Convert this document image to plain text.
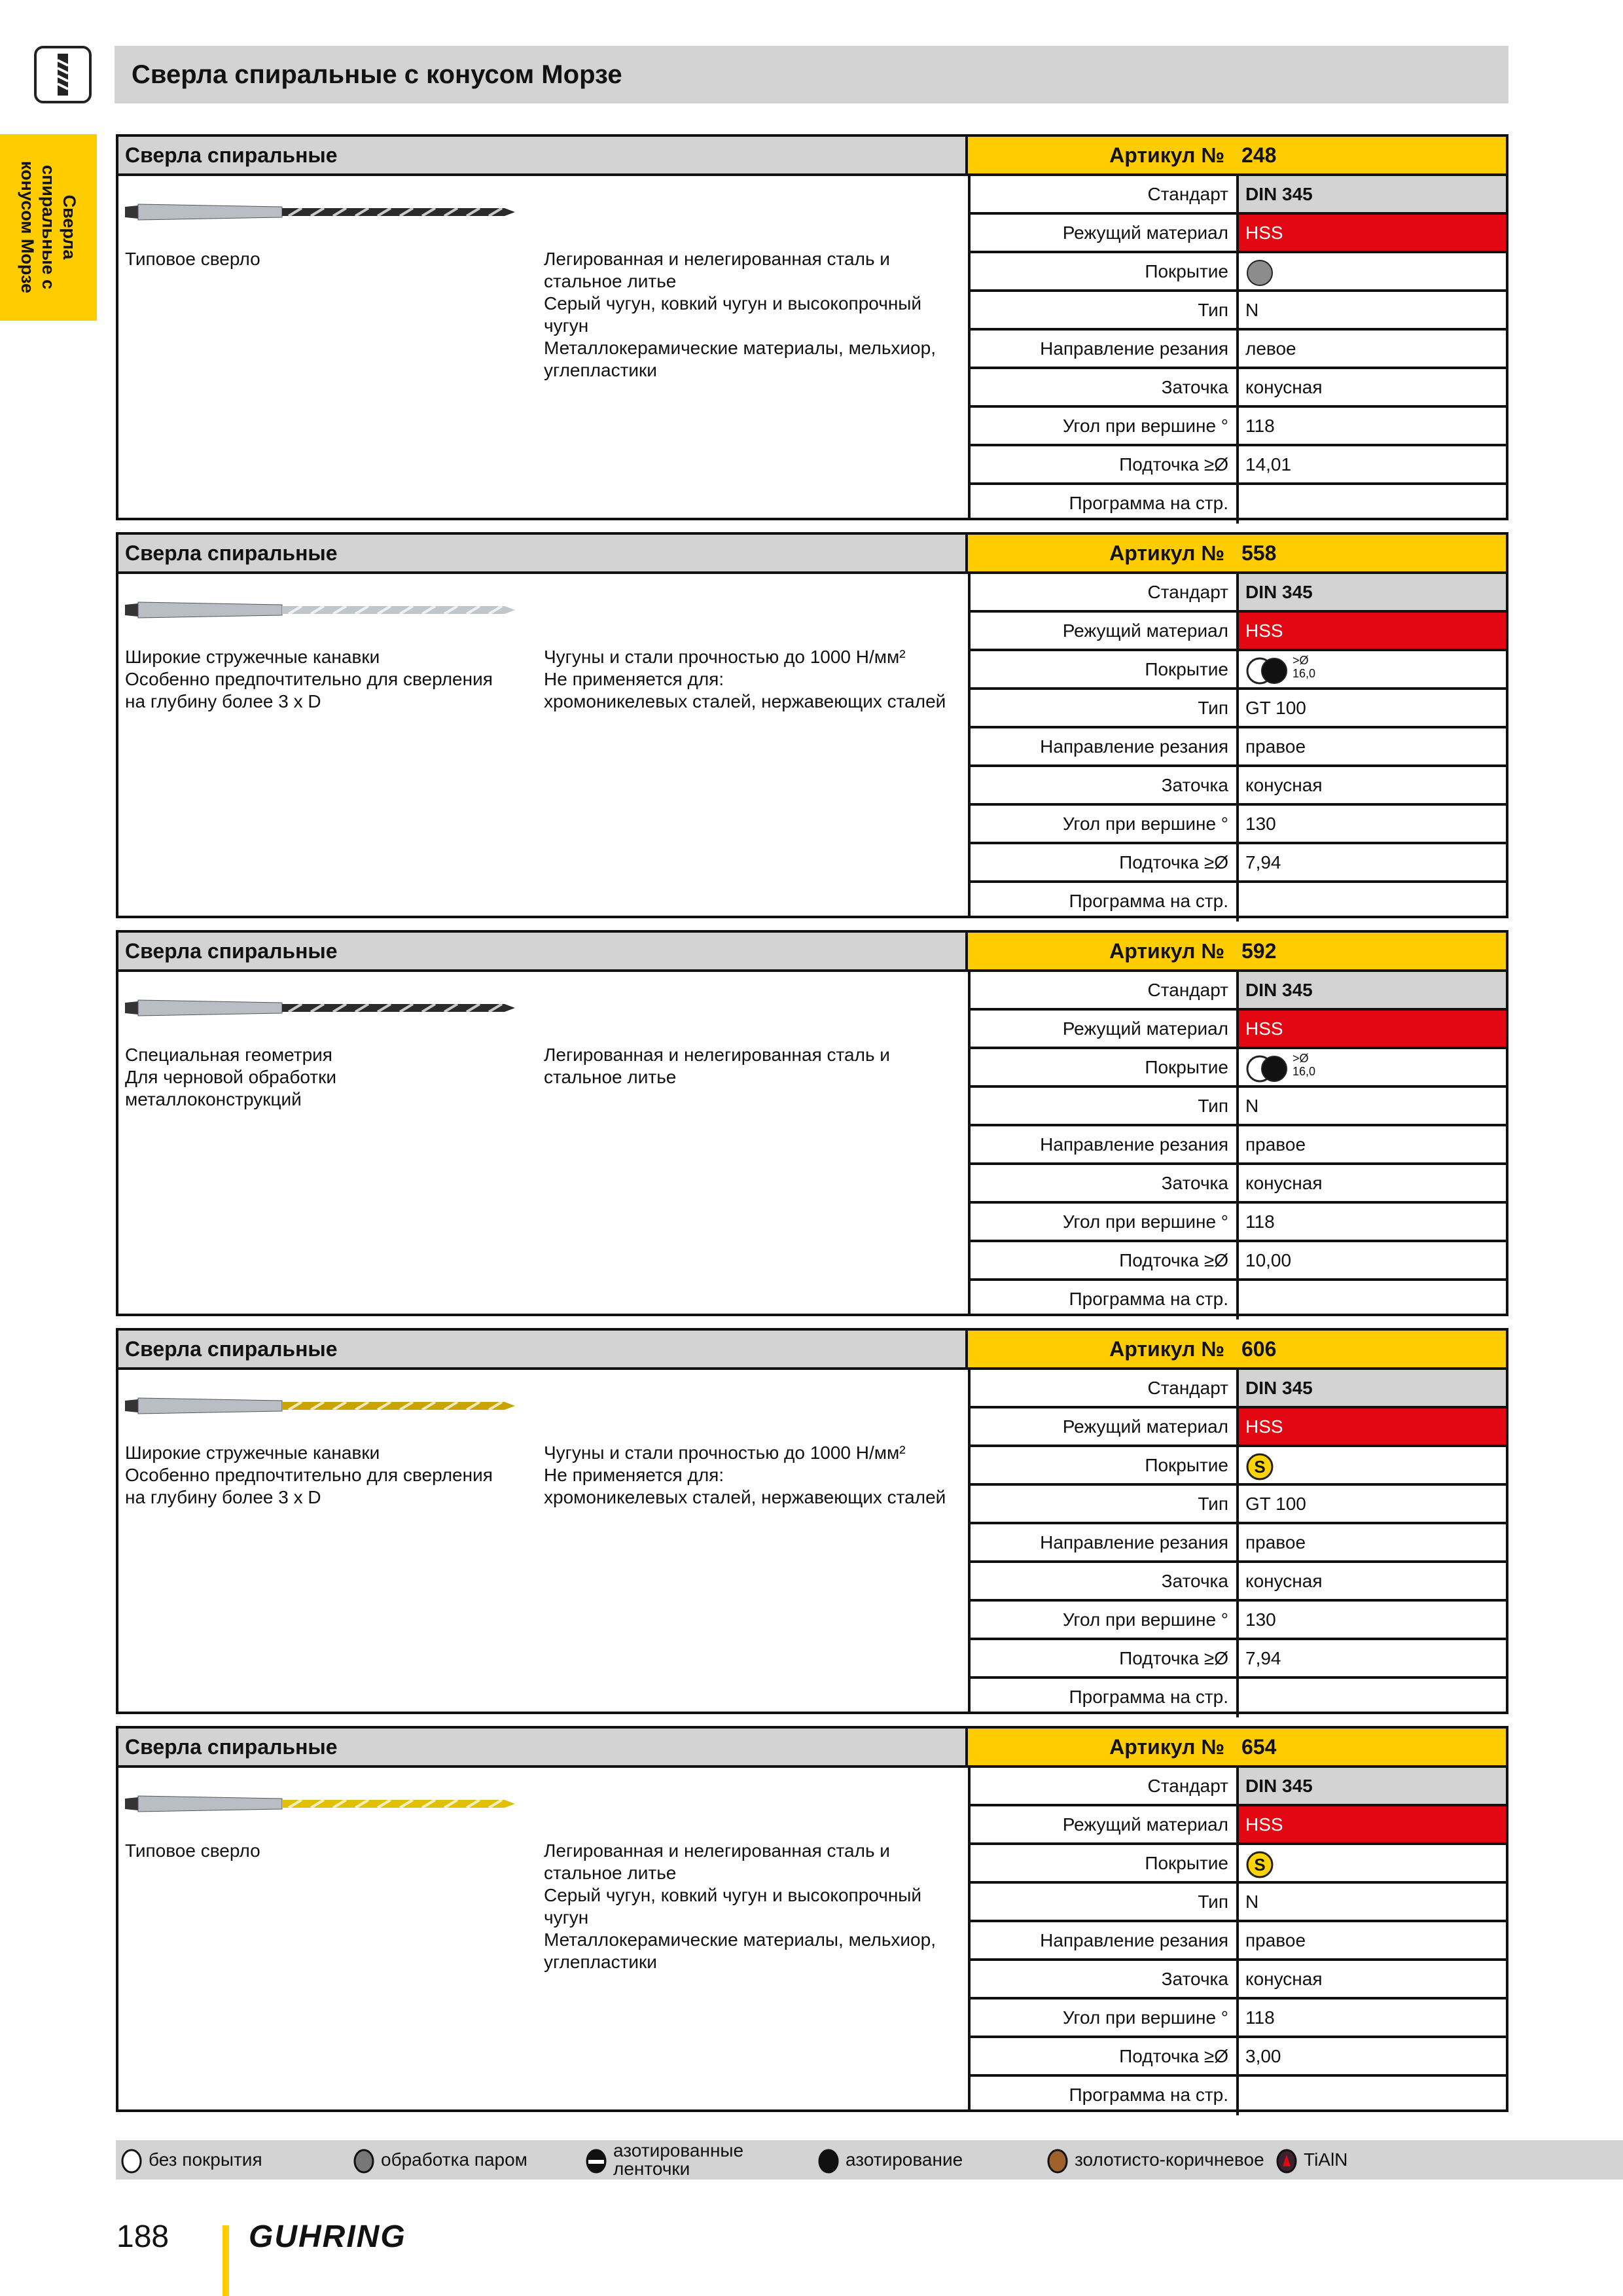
Сверла спиральные с конусом Морзе
Сверла спиральные с конусом Морзе
Сверла спиральные	Артикул № 248
Типовое сверло	Легированная и нелегированная сталь и стальное литье
Серый чугун, ковкий чугун и высокопрочный чугун
Металлокерамические материалы, мельхиор, углепластики
Стандарт DIN 345
Режущий материал HSS
Покрытие
Тип N
Направление резания левое
Заточка конусная
Угол при вершине ° 118
Подточка ≥Ø 14,01
Программа на стр.
Сверла спиральные	Артикул № 558
Широкие стружечные канавки
Особенно предпочтительно для сверления на глубину более 3 x D
Чугуны и стали прочностью до 1000 Н/мм²
Не применяется для:
хромоникелевых сталей, нержавеющих сталей
Стандарт DIN 345
Режущий материал HSS
Покрытие	>Ø
16,0
Тип GT 100
Направление резания правое
Заточка конусная
Угол при вершине ° 130
Подточка ≥Ø 7,94
Программа на стр.
Сверла спиральные	Артикул № 592
Специальная геометрия
Для черновой обработки металлоконструкций
Легированная и нелегированная сталь и стальное литье
Стандарт DIN 345
Режущий материал HSS
Покрытие	>Ø
16,0
Тип N
Направление резания правое
Заточка конусная
Угол при вершине ° 118
Подточка ≥Ø 10,00
Программа на стр.
Сверла спиральные	Артикул № 606
Широкие стружечные канавки
Особенно предпочтительно для сверления
на глубину более 3 x D
Чугуны и стали прочностью до 1000 Н/мм²
Не применяется для:
хромоникелевых сталей, нержавеющих сталей
Стандарт DIN 345
Режущий материал HSS
Покрытие	S
Тип GT 100
Направление резания правое
Заточка конусная
Угол при вершине ° 130
Подточка ≥Ø 7,94
Программа на стр.
Сверла спиральные	Артикул № 654
Типовое сверло	Легированная и нелегированная сталь и стальное литье
Серый чугун, ковкий чугун и высокопрочный чугун
Металлокерамические материалы, мельхиор, углепластики
Стандарт DIN 345
Режущий материал HSS
Покрытие	S
Тип N
Направление резания правое
Заточка конусная
Угол при вершине ° 118
Подточка ≥Ø 3,00
Программа на стр.
без покрытия	обработка паром	азотированные
ленточки	азотирование	золотисто-коричневое TiAlN
188	GUHRING
